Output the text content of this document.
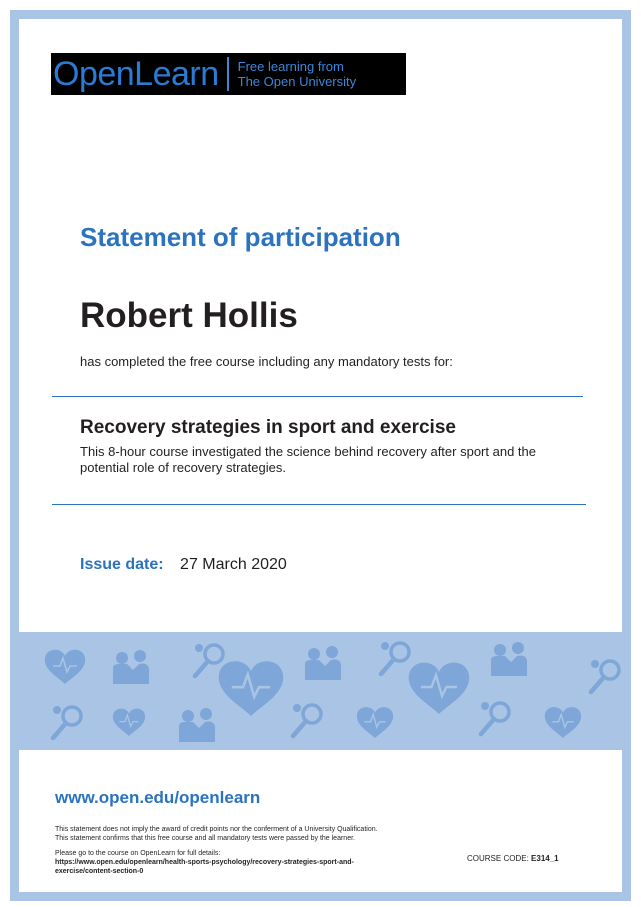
OpenLearn Free learning from
The Open University
Statement of participation
Robert Hollis
has completed the free course including any mandatory tests for:
Recovery strategies in sport and exercise
This 8-hour course investigated the science behind recovery after sport and the potential role of recovery strategies.
Issue date: 27 March 2020
www.open.edu/openlearn
This statement does not imply the award of credit points nor the conferment of a University Qualification.
This statement confirms that this free course and all mandatory tests were passed by the learner.
Please go to the course on OpenLearn for full details:
https://www.open.edu/openlearn/health-sports-psychology/recovery-strategies-sport-and-
exercise/content-section-0
COURSE CODE: E314_1
